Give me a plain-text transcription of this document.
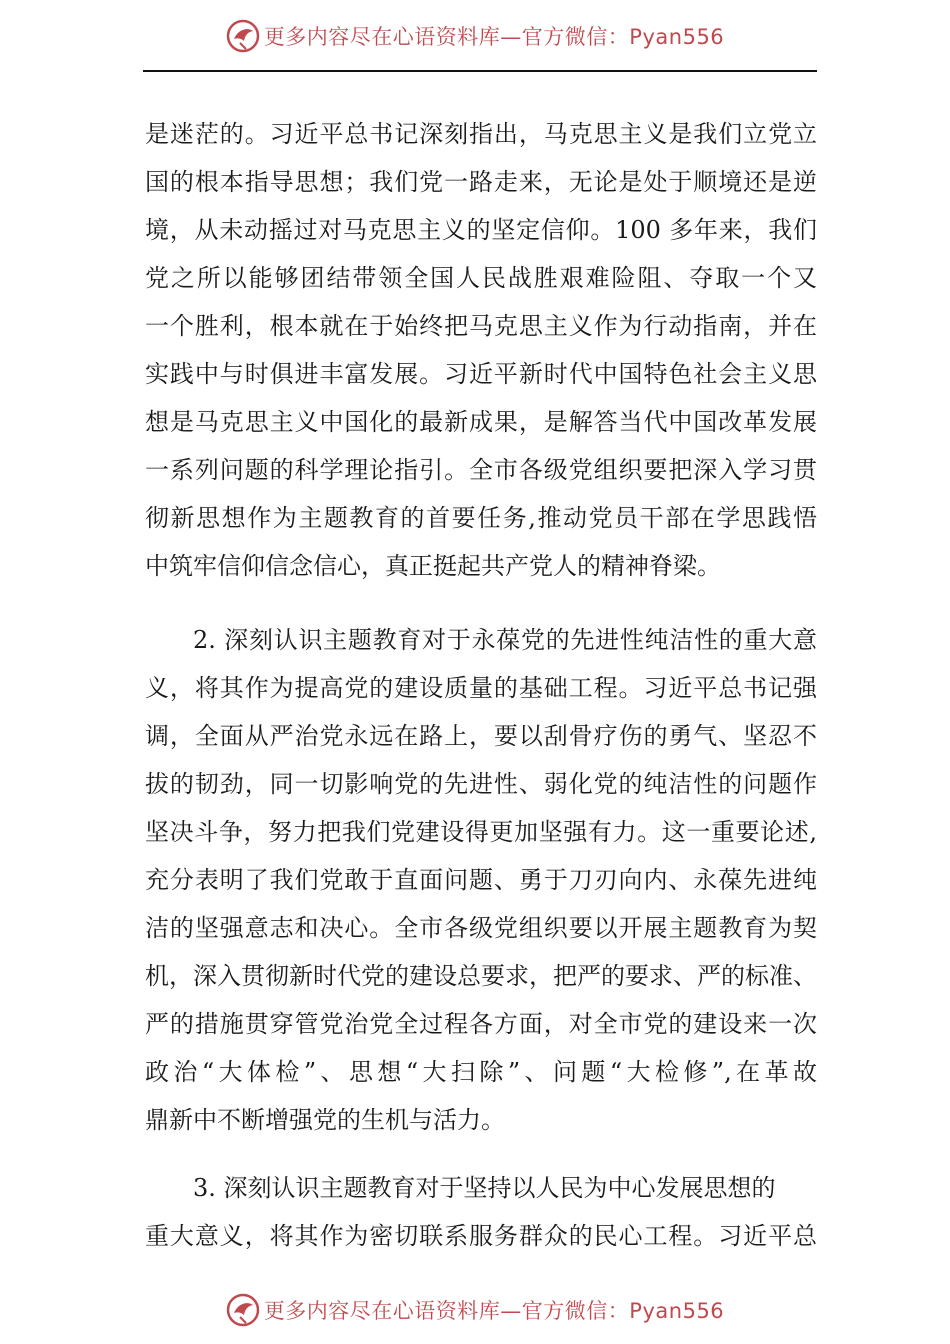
更多内容尽在心语资料库—官方微信：Pyan556
是迷茫的。习近平总书记深刻指出，马克思主义是我们立党立
国的根本指导思想；我们党一路走来，无论是处于顺境还是逆
境，从未动摇过对马克思主义的坚定信仰。100 多年来，我们
党之所以能够团结带领全国人民战胜艰难险阻、夺取一个又
一个胜利，根本就在于始终把马克思主义作为行动指南，并在
实践中与时俱进丰富发展。习近平新时代中国特色社会主义思
想是马克思主义中国化的最新成果，是解答当代中国改革发展
一系列问题的科学理论指引。全市各级党组织要把深入学习贯
彻新思想作为主题教育的首要任务,推动党员干部在学思践悟
中筑牢信仰信念信心，真正挺起共产党人的精神脊梁。
2. 深刻认识主题教育对于永葆党的先进性纯洁性的重大意
义，将其作为提高党的建设质量的基础工程。习近平总书记强
调，全面从严治党永远在路上，要以刮骨疗伤的勇气、坚忍不
拔的韧劲，同一切影响党的先进性、弱化党的纯洁性的问题作
坚决斗争，努力把我们党建设得更加坚强有力。这一重要论述,
充分表明了我们党敢于直面问题、勇于刀刃向内、永葆先进纯
洁的坚强意志和决心。全市各级党组织要以开展主题教育为契
机，深入贯彻新时代党的建设总要求，把严的要求、严的标准、
严的措施贯穿管党治党全过程各方面，对全市党的建设来一次
政治“大体检”、思想“大扫除”、问题“大检修”,在革故
鼎新中不断增强党的生机与活力。
3. 深刻认识主题教育对于坚持以人民为中心发展思想的
重大意义，将其作为密切联系服务群众的民心工程。习近平总
更多内容尽在心语资料库—官方微信：Pyan556
